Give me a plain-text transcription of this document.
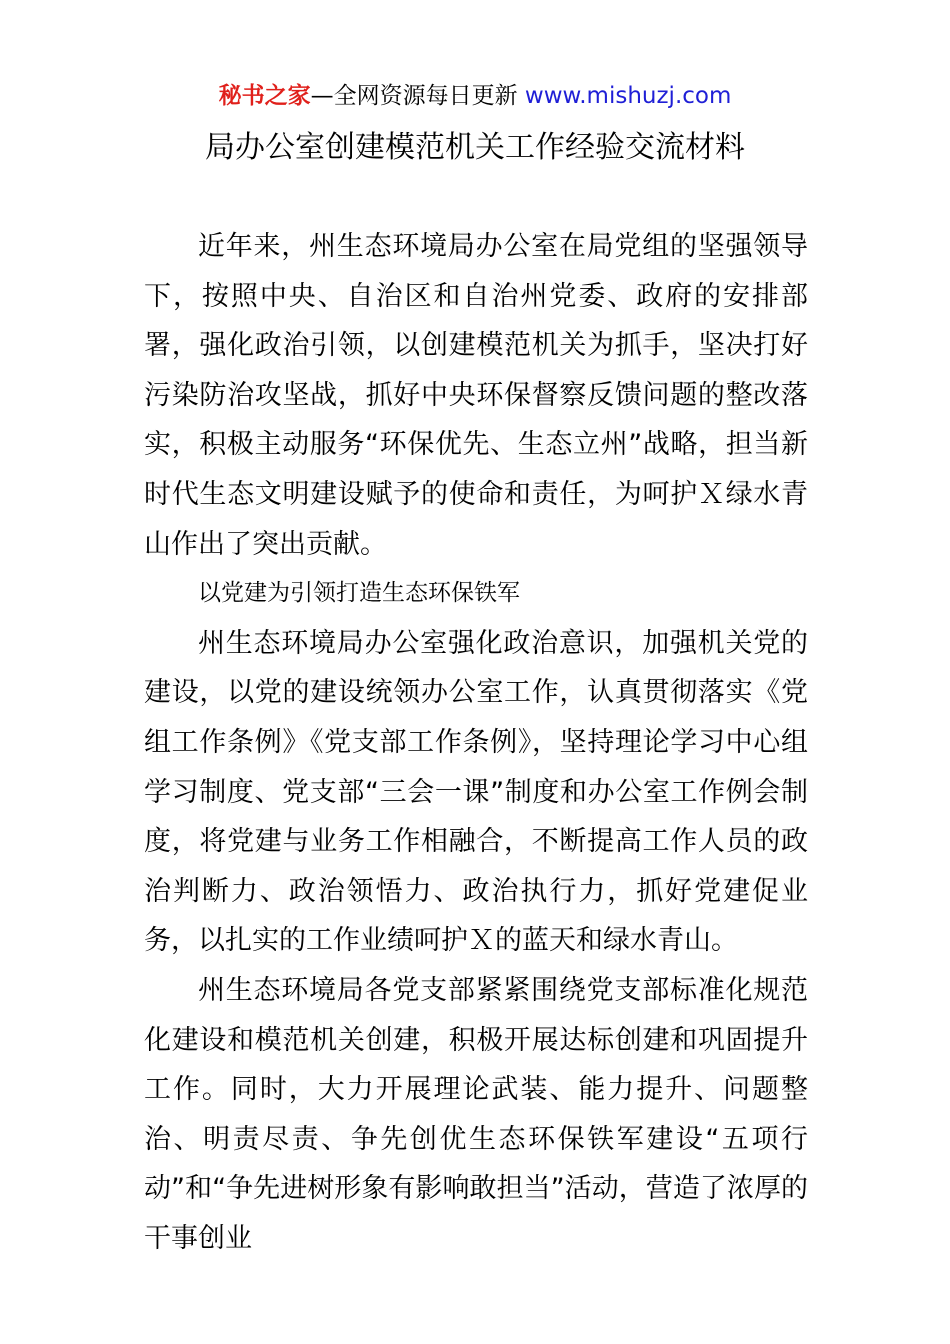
秘书之家—全网资源每日更新 www.mishuzj.com
局办公室创建模范机关工作经验交流材料

近年来，州生态环境局办公室在局党组的坚强领导下，按照中央、自治区和自治州党委、政府的安排部署，强化政治引领，以创建模范机关为抓手，坚决打好污染防治攻坚战，抓好中央环保督察反馈问题的整改落实，积极主动服务“环保优先、生态立州”战略，担当新时代生态文明建设赋予的使命和责任，为呵护Ｘ绿水青山作出了突出贡献。

以党建为引领打造生态环保铁军

州生态环境局办公室强化政治意识，加强机关党的建设，以党的建设统领办公室工作，认真贯彻落实《党组工作条例》《党支部工作条例》，坚持理论学习中心组学习制度、党支部“三会一课”制度和办公室工作例会制度，将党建与业务工作相融合，不断提高工作人员的政治判断力、政治领悟力、政治执行力，抓好党建促业务，以扎实的工作业绩呵护Ｘ的蓝天和绿水青山。

州生态环境局各党支部紧紧围绕党支部标准化规范化建设和模范机关创建，积极开展达标创建和巩固提升工作。同时，大力开展理论武装、能力提升、问题整治、明责尽责、争先创优生态环保铁军建设“五项行动”和“争先进树形象有影响敢担当”活动，营造了浓厚的干事创业
